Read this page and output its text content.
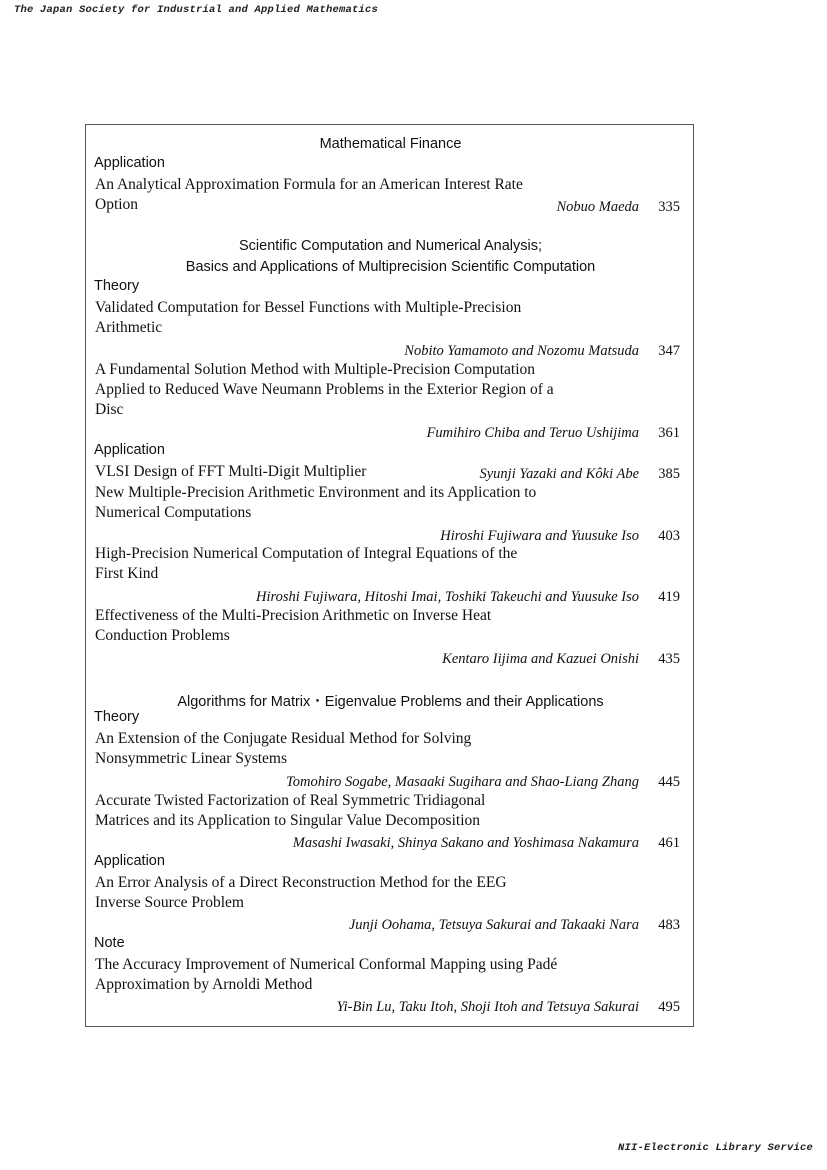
The Japan Society for Industrial and Applied Mathematics
Mathematical Finance
Application
An Analytical Approximation Formula for an American Interest Rate
Option	Nobuo Maeda 335
Scientific Computation and Numerical Analysis;
Basics and Applications of Multiprecision Scientific Computation
Theory
Validated Computation for Bessel Functions with Multiple-Precision
Arithmetic
Nobito Yamamoto and Nozomu Matsuda 347
A Fundamental Solution Method with Multiple-Precision Computation
Applied to Reduced Wave Neumann Problems in the Exterior Region of a
Disc
Fumihiro Chiba and Teruo Ushijima 361
Application
VLSI Design of FFT Multi-Digit Multiplier	Syunji Yazaki and Kôki Abe 385
New Multiple-Precision Arithmetic Environment and its Application to
Numerical Computations
Hiroshi Fujiwara and Yuusuke Iso 403
High-Precision Numerical Computation of Integral Equations of the
First Kind
Hiroshi Fujiwara, Hitoshi Imai, Toshiki Takeuchi and Yuusuke Iso 419
Effectiveness of the Multi-Precision Arithmetic on Inverse Heat
Conduction Problems
Kentaro Iijima and Kazuei Onishi 435
Algorithms for Matrix・Eigenvalue Problems and their Applications
Theory
An Extension of the Conjugate Residual Method for Solving
Nonsymmetric Linear Systems
Tomohiro Sogabe, Masaaki Sugihara and Shao-Liang Zhang 445
Accurate Twisted Factorization of Real Symmetric Tridiagonal
Matrices and its Application to Singular Value Decomposition
Masashi Iwasaki, Shinya Sakano and Yoshimasa Nakamura 461
Application
An Error Analysis of a Direct Reconstruction Method for the EEG
Inverse Source Problem
Junji Oohama, Tetsuya Sakurai and Takaaki Nara 483
Note
The Accuracy Improvement of Numerical Conformal Mapping using Padé
Approximation by Arnoldi Method
Yi-Bin Lu, Taku Itoh, Shoji Itoh and Tetsuya Sakurai 495
NII-Electronic Library Service
